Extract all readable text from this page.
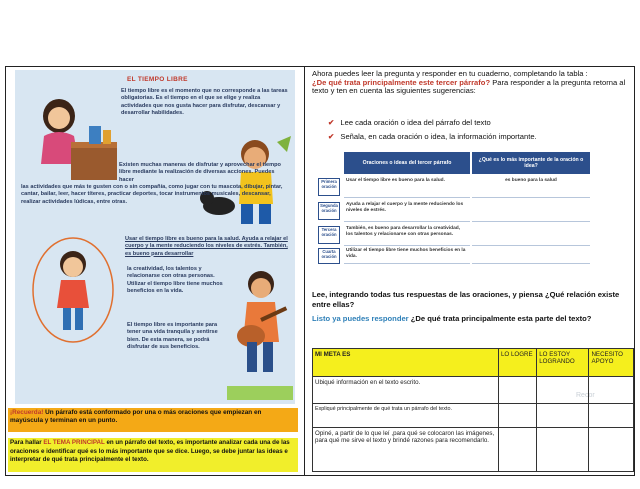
EL TIEMPO LIBRE
El tiempo libre es el momento que no corresponde a las tareas obligatorias. Es el tiempo en el que se elige y realiza actividades que nos gusta hacer para disfrutar, descansar y desarrollar habilidades.
Existen muchas maneras de disfrutar y aprovechar el tiempo libre mediante la realización de diversas acciones. Puedes hacer
las actividades que más te gusten con o sin compañía, como jugar con tu mascota, dibujar, pintar, cantar, bailar, leer, hacer títeres, practicar deportes, tocar instrumentos musicales, descansar, realizar actividades lúdicas, entre otras.
Usar el tiempo libre es bueno para la salud. Ayuda a relajar el cuerpo y la mente reduciendo los niveles de estrés. También, es bueno para desarrollar
la creatividad, los talentos y relacionarse con otras personas. Utilizar el tiempo libre tiene muchos beneficios en la vida.
El tiempo libre es importante para tener una vida tranquila y sentirse bien. De esta manera, se podrá disfrutar de sus beneficios.
¡Recuerda! Un párrafo está conformado por una o más oraciones que empiezan en mayúscula y terminan en un punto.
Para hallar EL TEMA PRINCIPAL en un párrafo del texto, es importante analizar cada una de las oraciones e identificar qué es lo más importante que se dice. Luego, se debe juntar las ideas e interpretar de qué trata principalmente el texto.
Ahora puedes leer la pregunta y responder en tu cuaderno, completando la tabla :
¿De qué trata principalmente este tercer párrafo? Para responder a la pregunta retorna al texto y ten en cuenta las siguientes sugerencias:
✔ Lee cada oración o idea del párrafo del texto
✔ Señala, en cada oración o idea, la información importante.
Oraciones o ideas del tercer párrafo	¿Qué es lo más importante de la oración o idea?
Primera oración
Usar el tiempo libre es bueno para la salud.	es bueno para la salud
Segunda oración
Ayuda a relajar el cuerpo y la mente reduciendo los niveles de estrés.
Tercera oración
También, es bueno para desarrollar la creatividad, los talentos y relacionarse con otras personas.
Cuarta oración
Utilizar el tiempo libre tiene muchos beneficios en la vida.
Lee, integrando todas tus respuestas de las oraciones, y piensa ¿Qué relación existe entre ellas?
Listo ya puedes responder ¿De qué trata principalmente esta parte del texto?
Recor
MI META ES	LO LOGRE	LO ESTOY LOGRANDO	NECESITO APOYO
Ubiqué información en el texto escrito.			
Expliqué principalmente de qué trata un párrafo del texto.			
Opiné, a partir de lo que leí ,para qué se colocaron las imágenes, para qué me sirve el texto y brindé razones para recomendarlo.			
